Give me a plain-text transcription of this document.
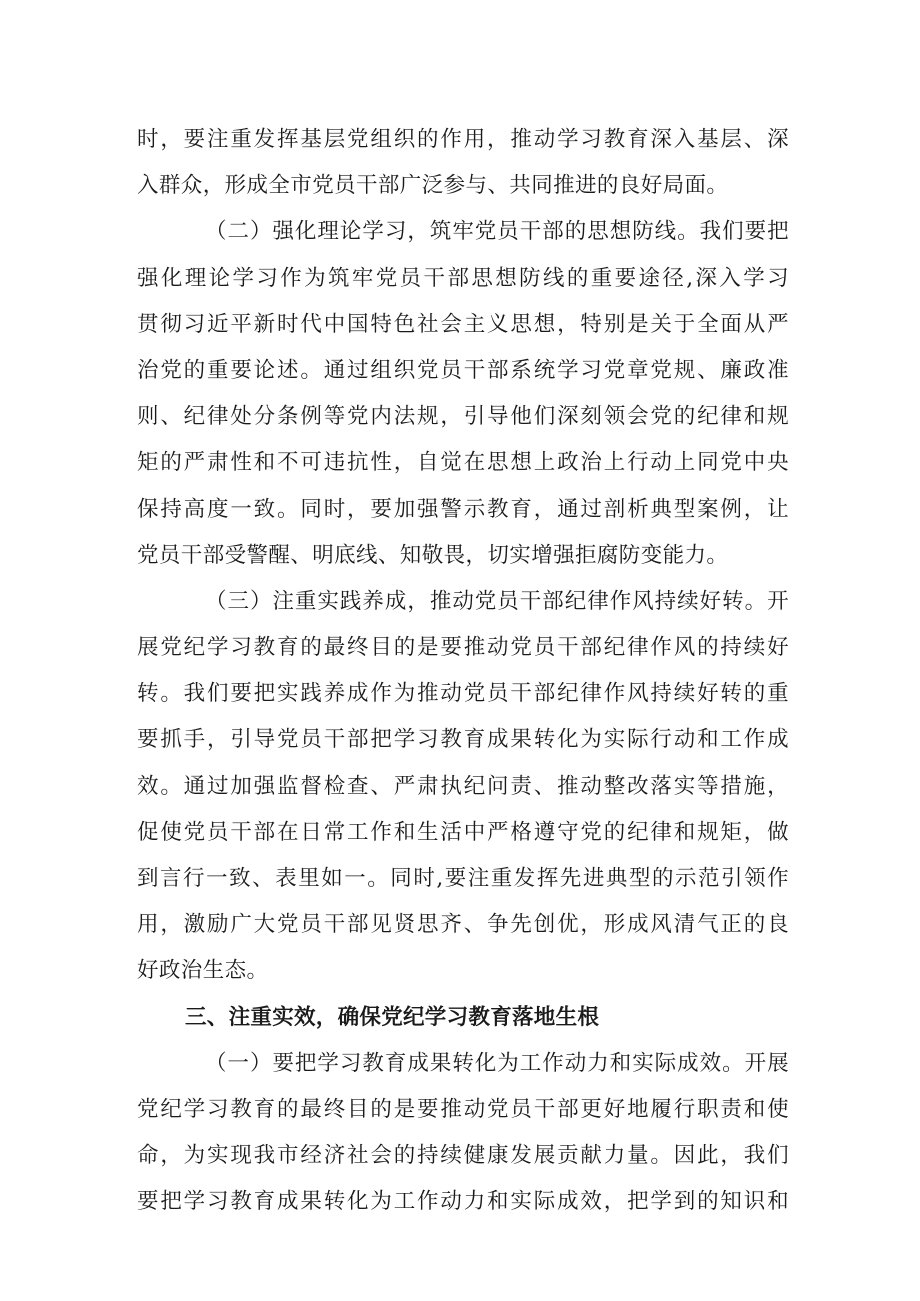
时，要注重发挥基层党组织的作用，推动学习教育深入基层、深
入群众，形成全市党员干部广泛参与、共同推进的良好局面。
（二）强化理论学习，筑牢党员干部的思想防线。我们要把
强化理论学习作为筑牢党员干部思想防线的重要途径,深入学习
贯彻习近平新时代中国特色社会主义思想，特别是关于全面从严
治党的重要论述。通过组织党员干部系统学习党章党规、廉政准
则、纪律处分条例等党内法规，引导他们深刻领会党的纪律和规
矩的严肃性和不可违抗性，自觉在思想上政治上行动上同党中央
保持高度一致。同时，要加强警示教育，通过剖析典型案例，让
党员干部受警醒、明底线、知敬畏，切实增强拒腐防变能力。
（三）注重实践养成，推动党员干部纪律作风持续好转。开
展党纪学习教育的最终目的是要推动党员干部纪律作风的持续好
转。我们要把实践养成作为推动党员干部纪律作风持续好转的重
要抓手，引导党员干部把学习教育成果转化为实际行动和工作成
效。通过加强监督检查、严肃执纪问责、推动整改落实等措施，
促使党员干部在日常工作和生活中严格遵守党的纪律和规矩，做
到言行一致、表里如一。同时,要注重发挥先进典型的示范引领作
用，激励广大党员干部见贤思齐、争先创优，形成风清气正的良
好政治生态。
三、注重实效，确保党纪学习教育落地生根
（一）要把学习教育成果转化为工作动力和实际成效。开展
党纪学习教育的最终目的是要推动党员干部更好地履行职责和使
命，为实现我市经济社会的持续健康发展贡献力量。因此，我们
要把学习教育成果转化为工作动力和实际成效，把学到的知识和
